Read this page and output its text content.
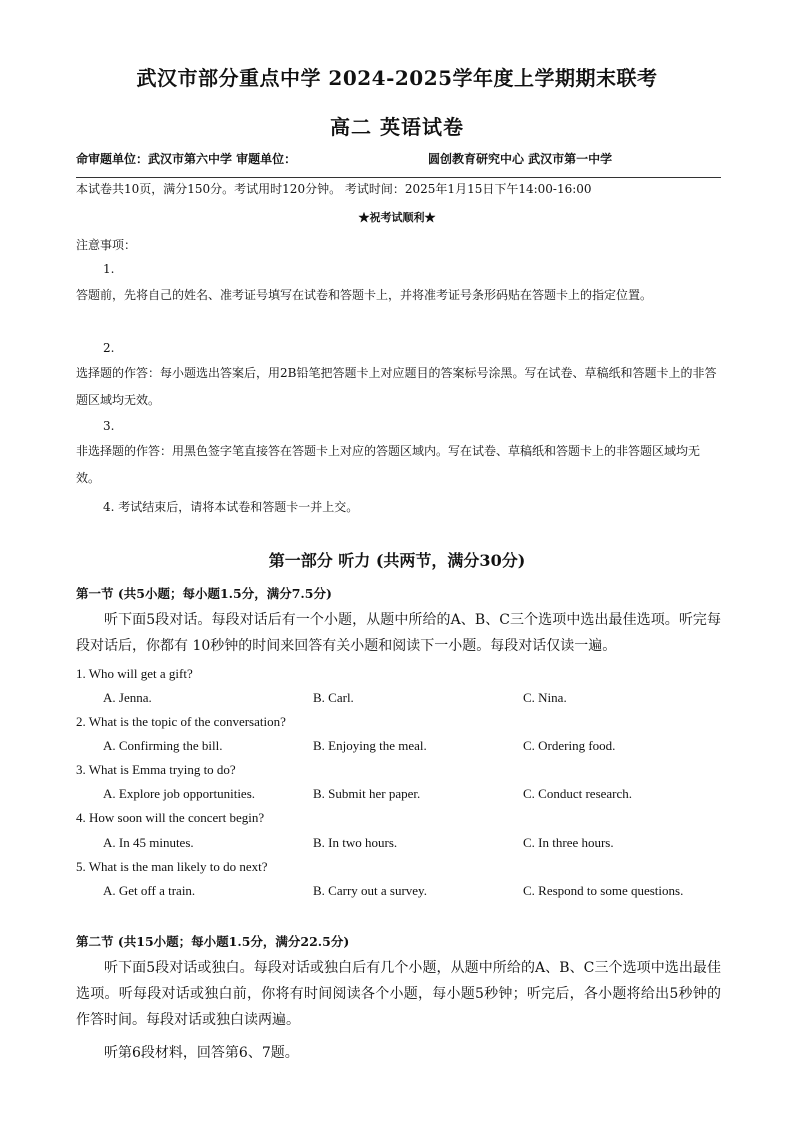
武汉市部分重点中学 2024-2025学年度上学期期末联考
高二 英语试卷
命审题单位：武汉市第六中学 审题单位：	圆创教育研究中心 武汉市第一中学
本试卷共10页，满分150分。考试用时120分钟。 考试时间：2025年1月15日下午14:00-16:00
★祝考试顺利★
注意事项：
1.
答题前，先将自己的姓名、准考证号填写在试卷和答题卡上，并将准考证号条形码贴在答题卡上的指定位置。
2.
选择题的作答：每小题选出答案后，用2B铅笔把答题卡上对应题目的答案标号涂黑。写在试卷、草稿纸和答题卡上的非答题区域均无效。
3.
非选择题的作答：用黑色签字笔直接答在答题卡上对应的答题区域内。写在试卷、草稿纸和答题卡上的非答题区域均无效。
4. 考试结束后，请将本试卷和答题卡一并上交。
第一部分 听力 (共两节，满分30分)
第一节 (共5小题；每小题1.5分，满分7.5分)
听下面5段对话。每段对话后有一个小题，从题中所给的A、B、C三个选项中选出最佳选项。听完每段对话后，你都有 10秒钟的时间来回答有关小题和阅读下一小题。每段对话仅读一遍。
1. Who will get a gift?
A. Jenna.	B. Carl.	C. Nina.
2. What is the topic of the conversation?
A. Confirming the bill.	B. Enjoying the meal.	C. Ordering food.
3. What is Emma trying to do?
A. Explore job opportunities.	B. Submit her paper.	C. Conduct research.
4. How soon will the concert begin?
A. In 45 minutes.	B. In two hours.	C. In three hours.
5. What is the man likely to do next?
A. Get off a train.	B. Carry out a survey.	C. Respond to some questions.
第二节 (共15小题；每小题1.5分，满分22.5分)
听下面5段对话或独白。每段对话或独白后有几个小题，从题中所给的A、B、C三个选项中选出最佳选项。听每段对话或独白前，你将有时间阅读各个小题，每小题5秒钟；听完后，各小题将给出5秒钟的作答时间。每段对话或独白读两遍。
听第6段材料，回答第6、7题。
